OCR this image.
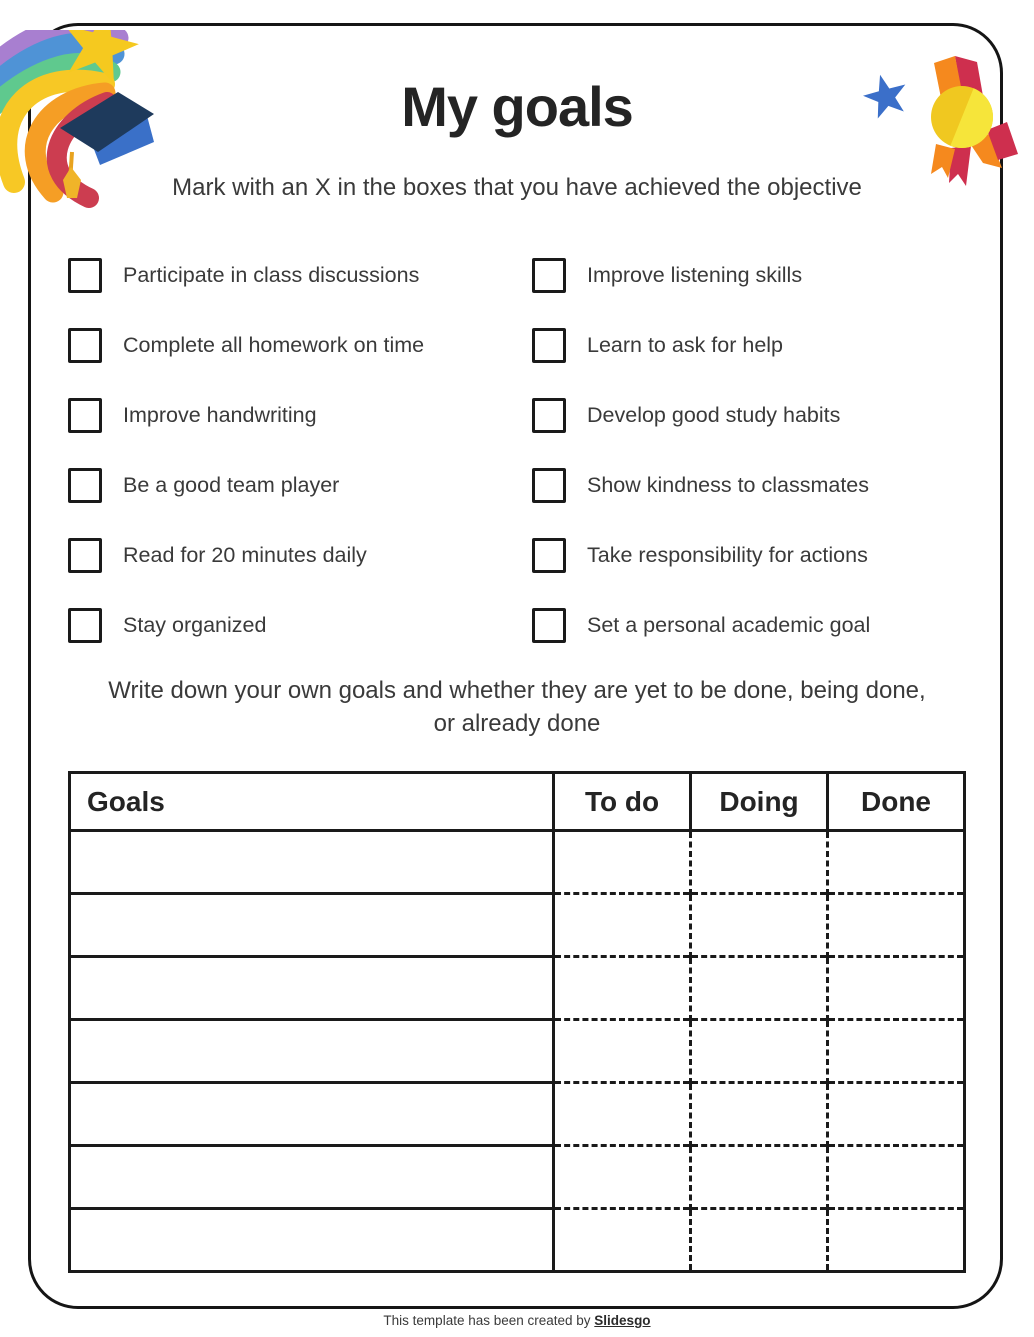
My goals
Mark with an X in the boxes that you have achieved the objective
Participate in class discussions
Complete all homework on time
Improve handwriting
Be a good team player
Read for 20 minutes daily
Stay organized
Improve listening skills
Learn to ask for help
Develop good study habits
Show kindness to classmates
Take responsibility for actions
Set a personal academic goal
Write down your own goals and whether they are yet to be done, being done,
or already done
Goals	To do	Doing	Done

This template has been created by Slidesgo
